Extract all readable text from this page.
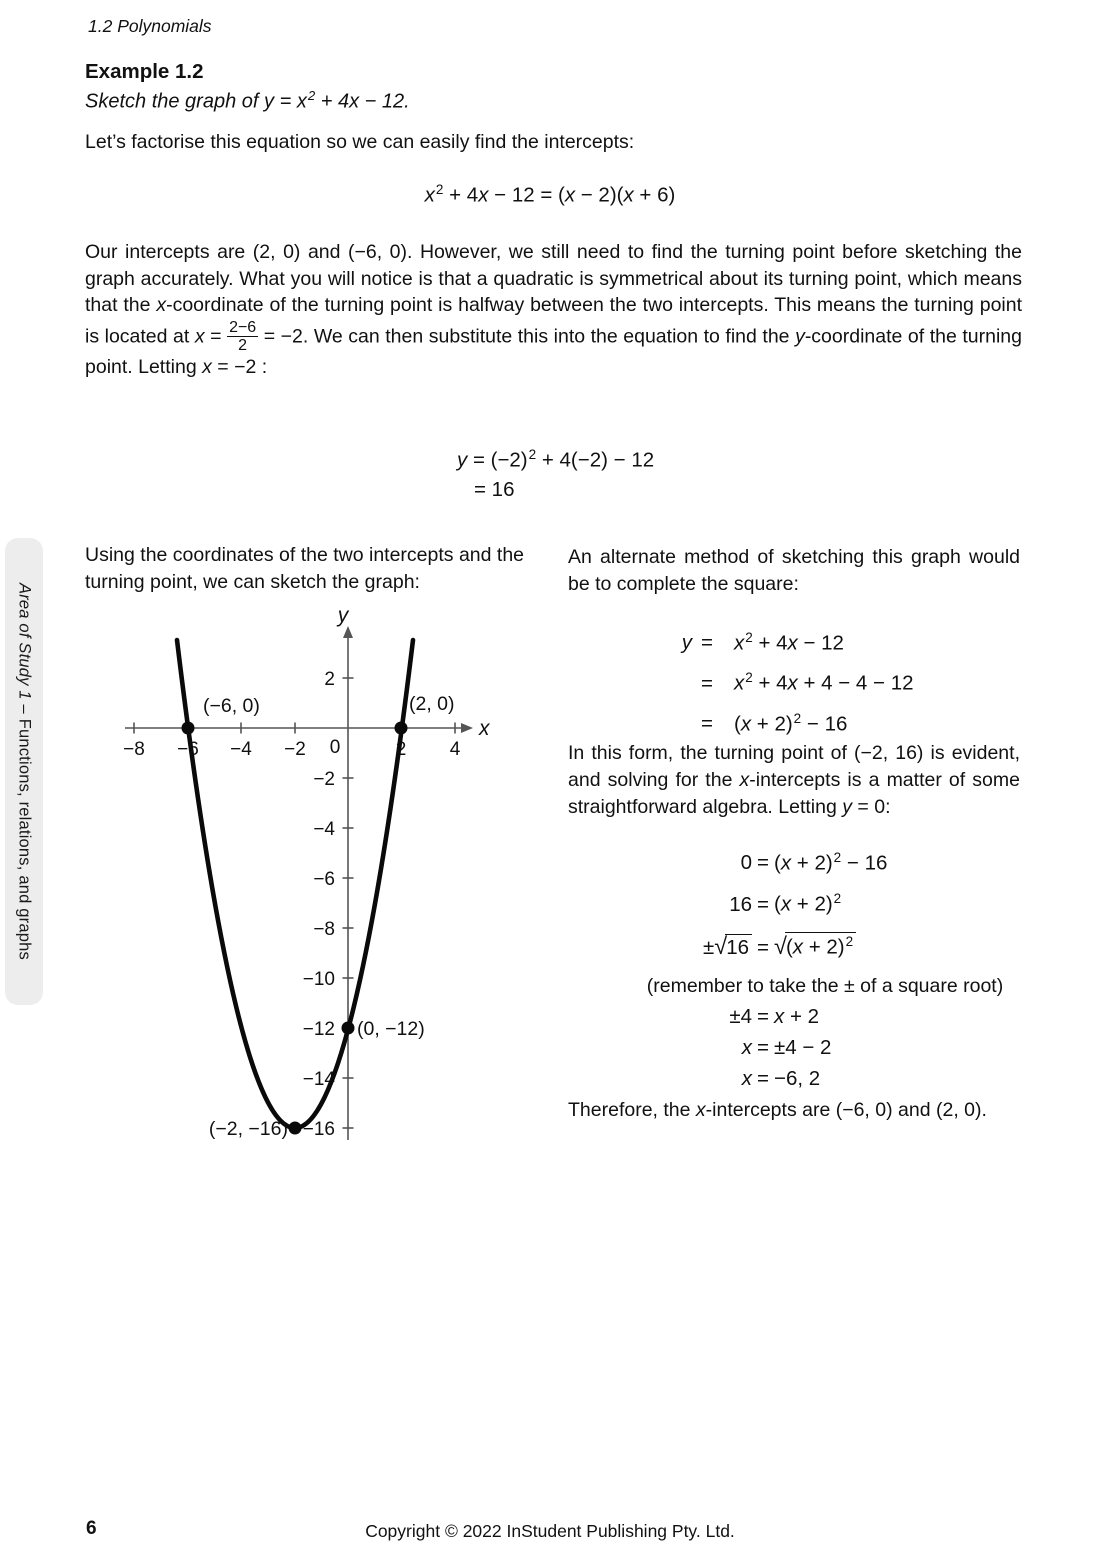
1.2 Polynomials
Area of Study 1 – Functions, relations, and graphs
Example 1.2
Sketch the graph of $y = x^2 + 4x - 12$.

Let’s factorise this equation so we can easily find the intercepts:

$x^2 + 4x - 12 = (x - 2)(x + 6)$

Our intercepts are (2, 0) and (−6, 0). However, we still need to find the turning point before sketching the graph accurately. What you will notice is that a quadratic is symmetrical about its turning point, which means that the x-coordinate of the turning point is halfway between the two intercepts. This means the turning point is located at $x = \frac{2-6}{2} = -2$. We can then substitute this into the equation to find the y-coordinate of the turning point. Letting x = −2 :

$y = (-2)^2 + 4(-2) - 12$
= 16

Using the coordinates of the two intercepts and the turning point, we can sketch the graph:

y
x
−8 −6 −4 −2 0	2 4
2
−2
−4
−6
−8
−10
−12
−14
−16
(−6, 0)	(2, 0)
(0, −12)
(−2, −16)

An alternate method of sketching this graph would be to complete the square:

y =	$x^2 + 4x - 12$
=	$x^2 + 4x + 4 - 4 - 12$
=	$(x + 2)^2 - 16$

In this form, the turning point of (−2, 16) is evident, and solving for the x-intercepts is a matter of some straightforward algebra. Letting y = 0:

$0 = (x + 2)^2 - 16$
$16 = (x + 2)^2$
$\pm√16 = √(x + 2)^2$
(remember to take the ± of a square root)
±4 = x + 2
x = ±4 − 2
x = −6, 2

Therefore, the x-intercepts are (−6, 0) and (2, 0).

6	Copyright © 2022 InStudent Publishing Pty. Ltd.
